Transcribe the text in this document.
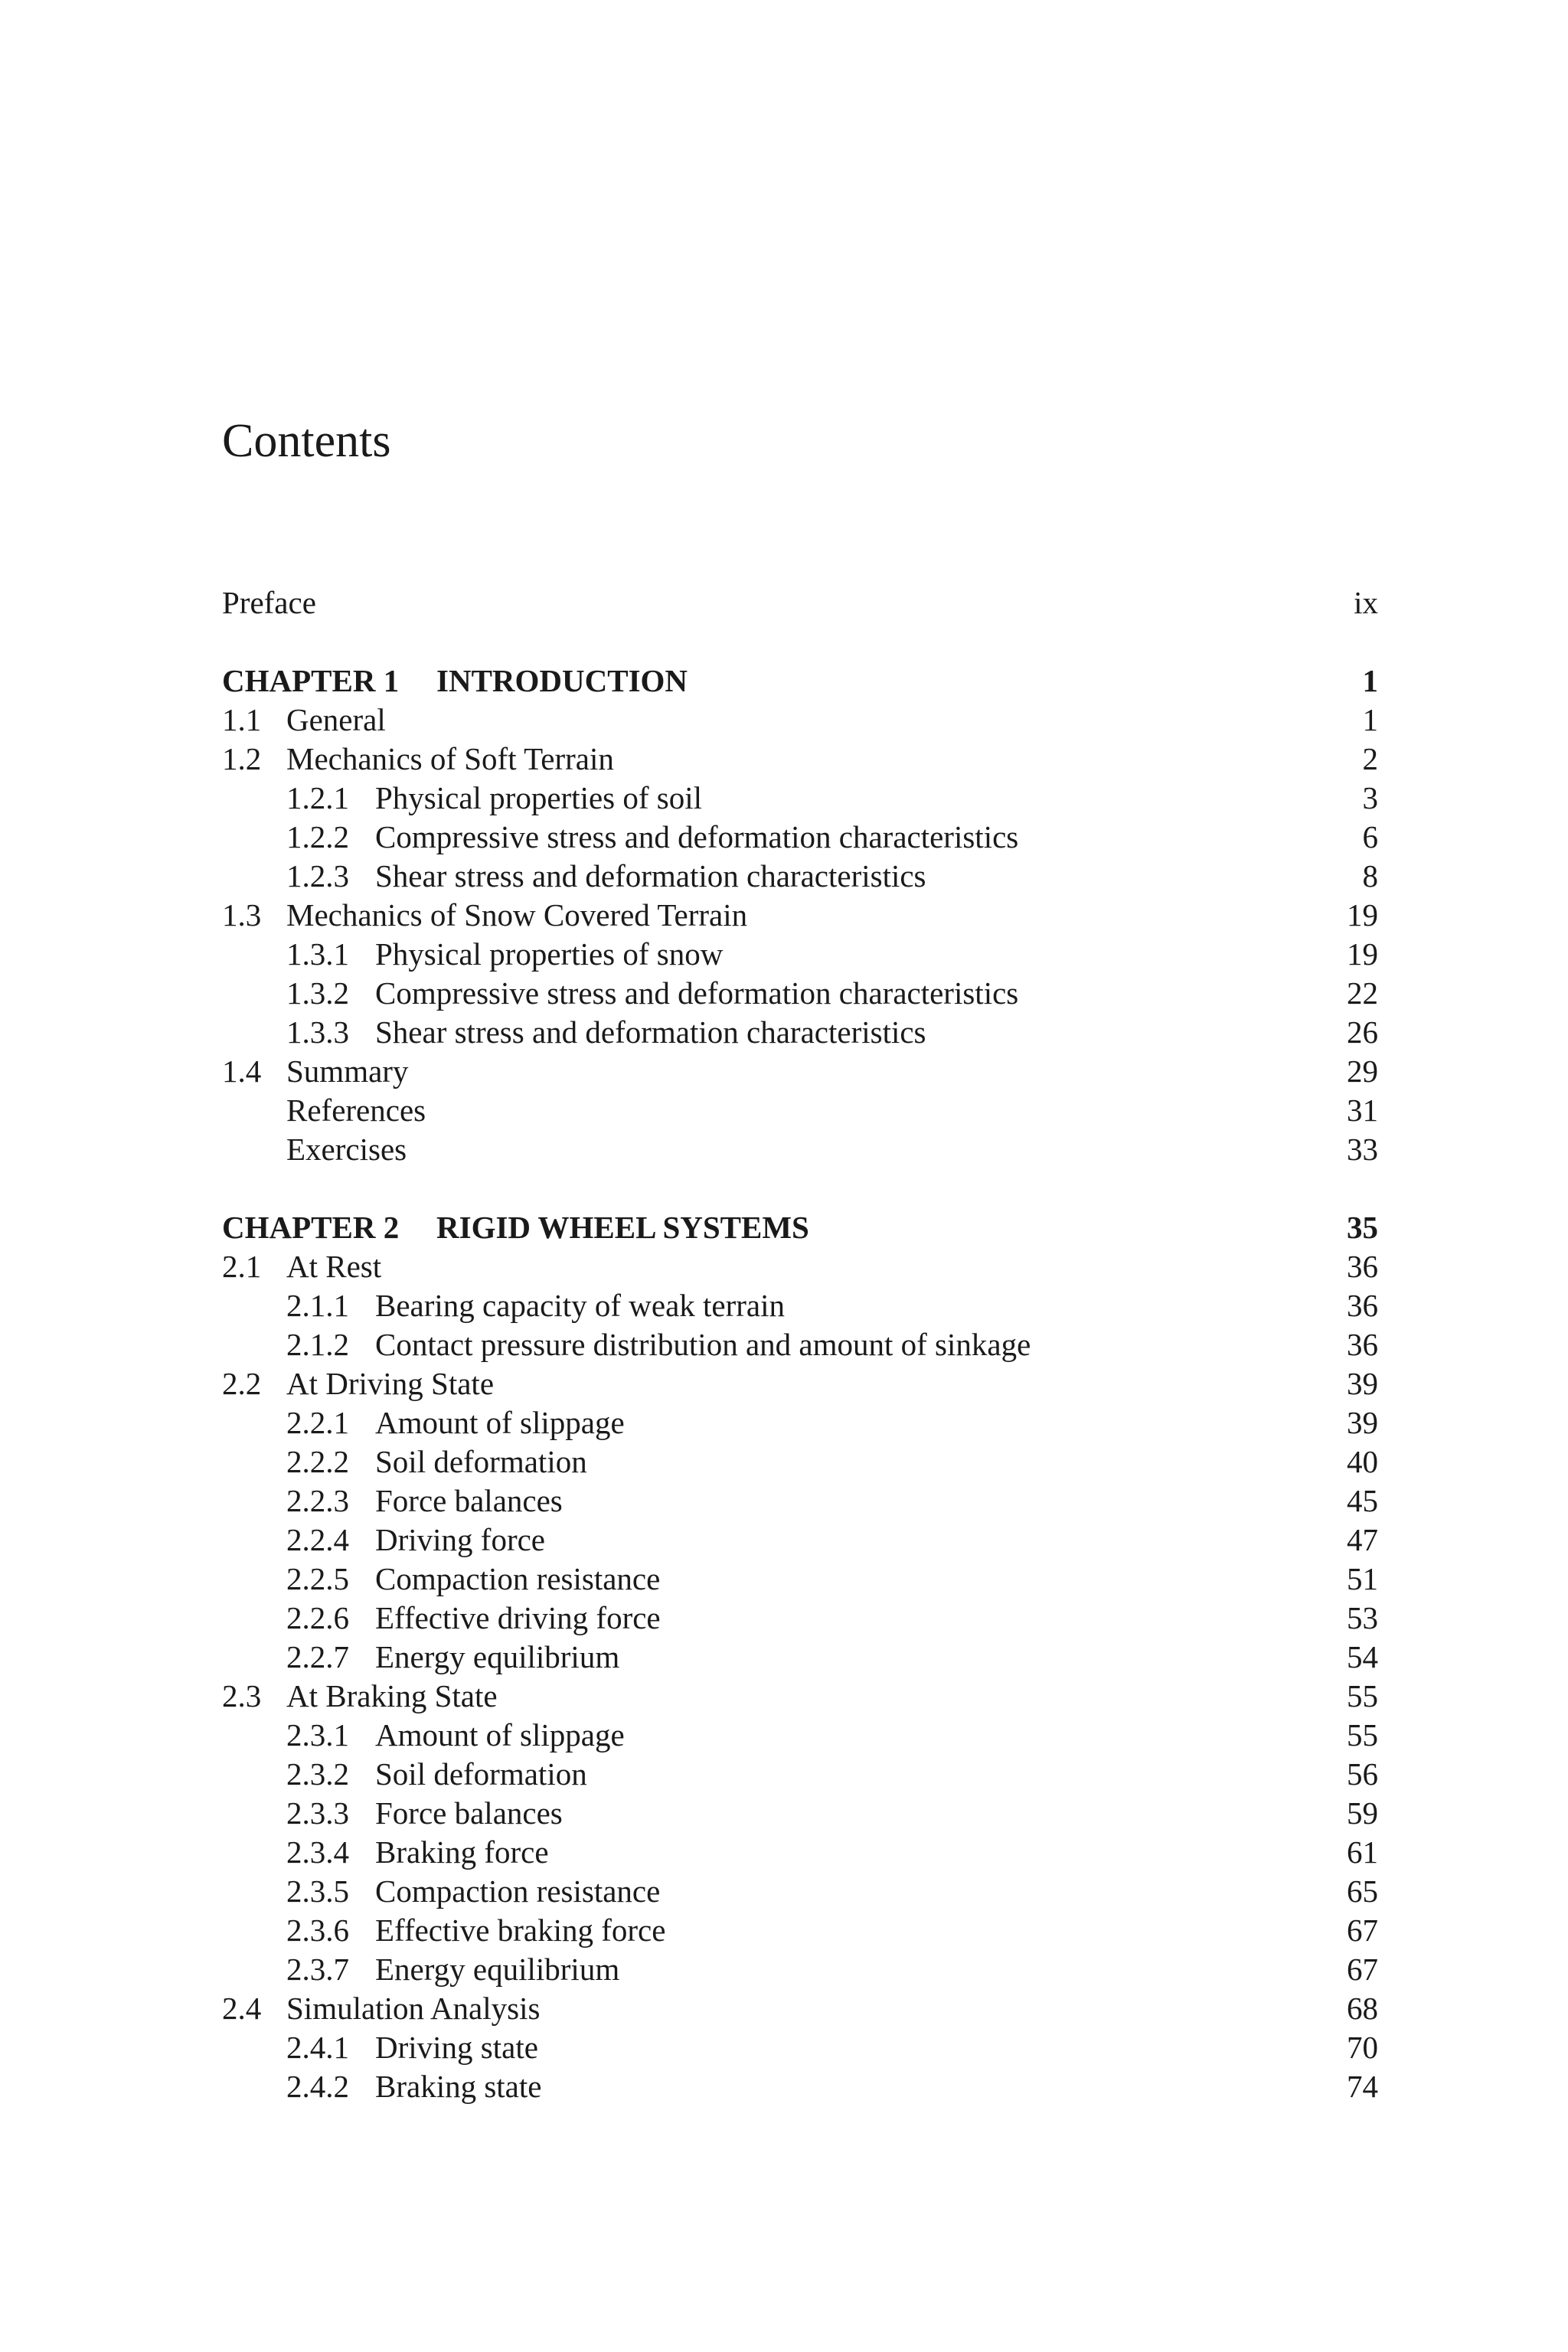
Contents
Preface	ix
CHAPTER 1 INTRODUCTION	1
1.1 General	1
1.2 Mechanics of Soft Terrain	2
1.2.1 Physical properties of soil	3
1.2.2 Compressive stress and deformation characteristics	6
1.2.3 Shear stress and deformation characteristics	8
1.3 Mechanics of Snow Covered Terrain	19
1.3.1 Physical properties of snow	19
1.3.2 Compressive stress and deformation characteristics	22
1.3.3 Shear stress and deformation characteristics	26
1.4 Summary	29
References	31
Exercises	33
CHAPTER 2 RIGID WHEEL SYSTEMS	35
2.1 At Rest	36
2.1.1 Bearing capacity of weak terrain	36
2.1.2 Contact pressure distribution and amount of sinkage	36
2.2 At Driving State	39
2.2.1 Amount of slippage	39
2.2.2 Soil deformation	40
2.2.3 Force balances	45
2.2.4 Driving force	47
2.2.5 Compaction resistance	51
2.2.6 Effective driving force	53
2.2.7 Energy equilibrium	54
2.3 At Braking State	55
2.3.1 Amount of slippage	55
2.3.2 Soil deformation	56
2.3.3 Force balances	59
2.3.4 Braking force	61
2.3.5 Compaction resistance	65
2.3.6 Effective braking force	67
2.3.7 Energy equilibrium	67
2.4 Simulation Analysis	68
2.4.1 Driving state	70
2.4.2 Braking state	74
